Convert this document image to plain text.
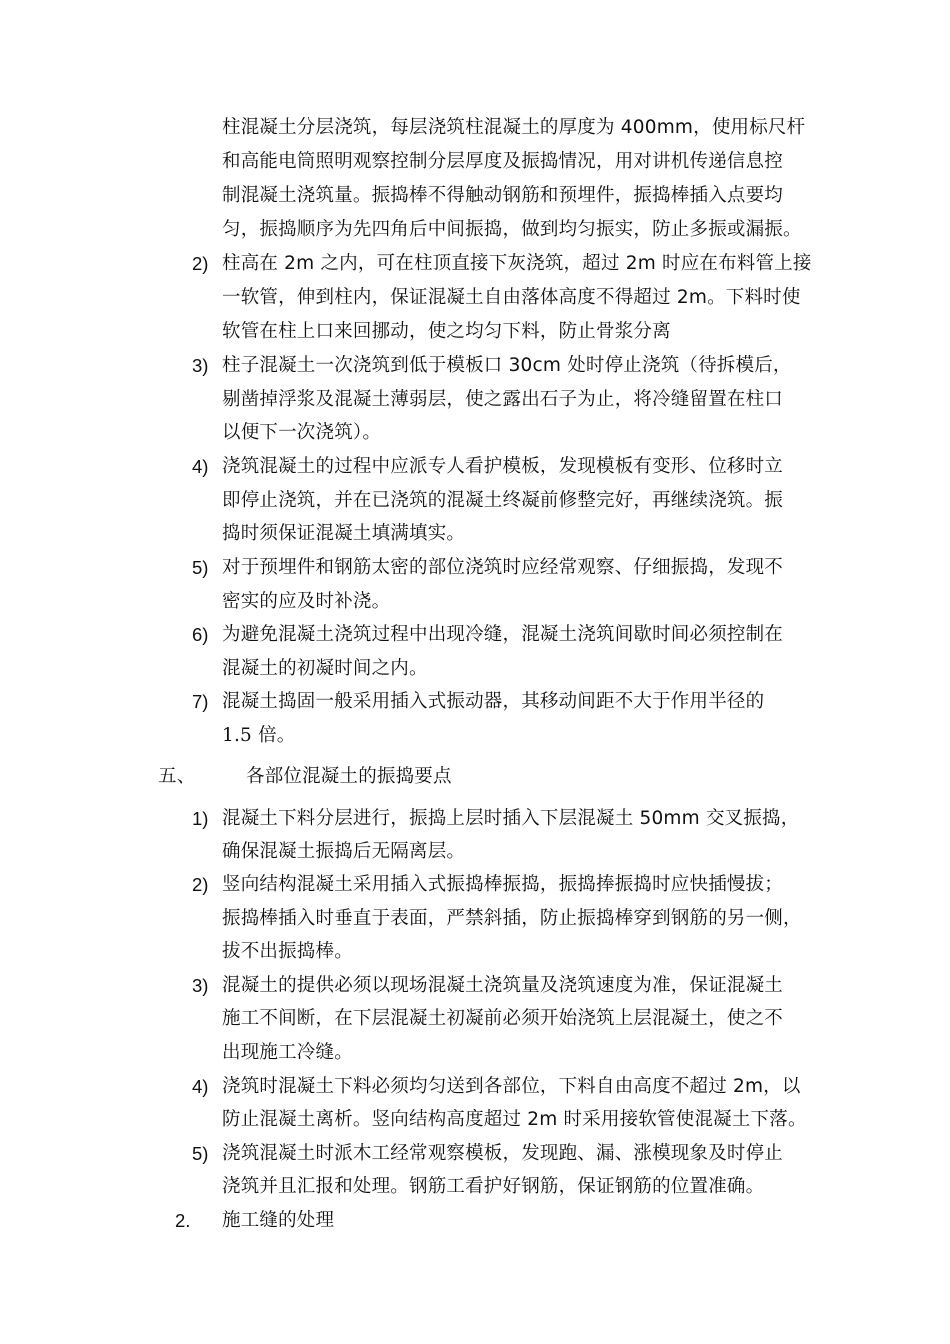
柱混凝土分层浇筑，每层浇筑柱混凝土的厚度为 400mm，使用标尺杆
和高能电筒照明观察控制分层厚度及振捣情况，用对讲机传递信息控
制混凝土浇筑量。振捣棒不得触动钢筋和预埋件，振捣棒插入点要均
匀，振捣顺序为先四角后中间振捣，做到均匀振实，防止多振或漏振。
2) 柱高在 2m 之内，可在柱顶直接下灰浇筑，超过 2m 时应在布料管上接
一软管，伸到柱内，保证混凝土自由落体高度不得超过 2m。下料时使
软管在柱上口来回挪动，使之均匀下料，防止骨浆分离
3) 柱子混凝土一次浇筑到低于模板口 30cm 处时停止浇筑（待拆模后，
剔凿掉浮浆及混凝土薄弱层，使之露出石子为止，将冷缝留置在柱口
以便下一次浇筑）。
4) 浇筑混凝土的过程中应派专人看护模板，发现模板有变形、位移时立
即停止浇筑，并在已浇筑的混凝土终凝前修整完好，再继续浇筑。振
捣时须保证混凝土填满填实。
5) 对于预埋件和钢筋太密的部位浇筑时应经常观察、仔细振捣，发现不
密实的应及时补浇。
6) 为避免混凝土浇筑过程中出现冷缝，混凝土浇筑间歇时间必须控制在
混凝土的初凝时间之内。
7) 混凝土捣固一般采用插入式振动器，其移动间距不大于作用半径的
1.5 倍。
五、	各部位混凝土的振捣要点
1) 混凝土下料分层进行，振捣上层时插入下层混凝土 50mm 交叉振捣，
确保混凝土振捣后无隔离层。
2) 竖向结构混凝土采用插入式振捣棒振捣，振捣捧振捣时应快插慢拔；
振捣棒插入时垂直于表面，严禁斜插，防止振捣棒穿到钢筋的另一侧，
拔不出振捣棒。
3) 混凝土的提供必须以现场混凝土浇筑量及浇筑速度为准，保证混凝土
施工不间断，在下层混凝土初凝前必须开始浇筑上层混凝土，使之不
出现施工冷缝。
4) 浇筑时混凝土下料必须均匀送到各部位，下料自由高度不超过 2m，以
防止混凝土离析。竖向结构高度超过 2m 时采用接软管使混凝土下落。
5) 浇筑混凝土时派木工经常观察模板，发现跑、漏、涨模现象及时停止
浇筑并且汇报和处理。钢筋工看护好钢筋，保证钢筋的位置准确。
2. 施工缝的处理
